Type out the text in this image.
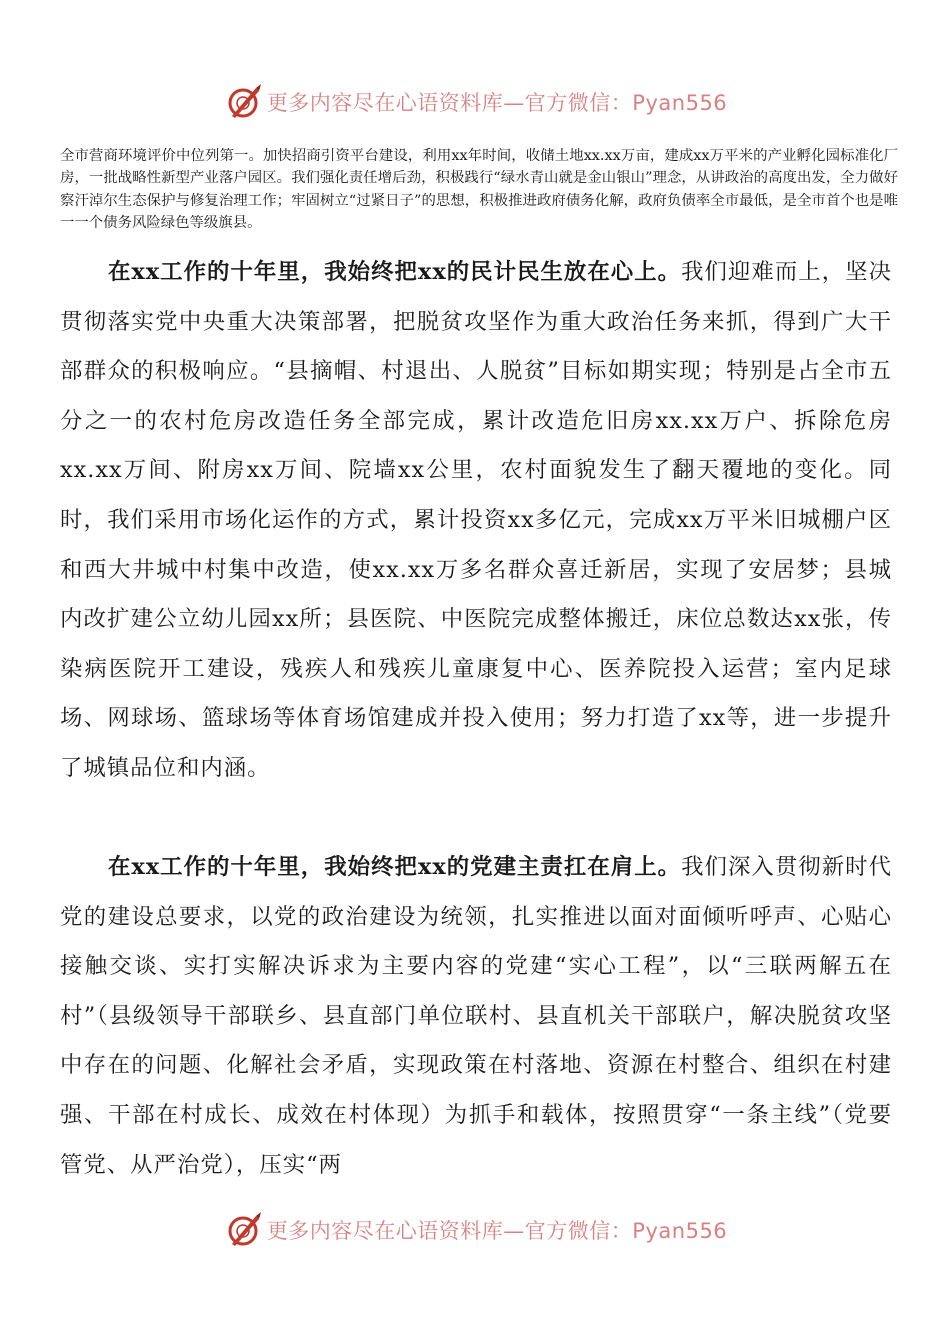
更多内容尽在心语资料库—官方微信：Pyan556

全市营商环境评价中位列第一。加快招商引资平台建设，利用xx年时间，收储土地xx.xx万亩，建成xx万平米的产业孵化园标准化厂房，一批战略性新型产业落户园区。我们强化责任增后劲，积极践行“绿水青山就是金山银山”理念，从讲政治的高度出发，全力做好察汗淖尔生态保护与修复治理工作；牢固树立“过紧日子”的思想，积极推进政府债务化解，政府负债率全市最低，是全市首个也是唯一一个债务风险绿色等级旗县。

在xx工作的十年里，我始终把xx的民计民生放在心上。我们迎难而上，坚决贯彻落实党中央重大决策部署，把脱贫攻坚作为重大政治任务来抓，得到广大干部群众的积极响应。“县摘帽、村退出、人脱贫”目标如期实现；特别是占全市五分之一的农村危房改造任务全部完成，累计改造危旧房xx.xx万户、拆除危房xx.xx万间、附房xx万间、院墙xx公里，农村面貌发生了翻天覆地的变化。同时，我们采用市场化运作的方式，累计投资xx多亿元，完成xx万平米旧城棚户区和西大井城中村集中改造，使xx.xx万多名群众喜迁新居，实现了安居梦；县城内改扩建公立幼儿园xx所；县医院、中医院完成整体搬迁，床位总数达xx张，传染病医院开工建设，残疾人和残疾儿童康复中心、医养院投入运营；室内足球场、网球场、篮球场等体育场馆建成并投入使用；努力打造了xx等，进一步提升了城镇品位和内涵。

在xx工作的十年里，我始终把xx的党建主责扛在肩上。我们深入贯彻新时代党的建设总要求，以党的政治建设为统领，扎实推进以面对面倾听呼声、心贴心接触交谈、实打实解决诉求为主要内容的党建“实心工程”，以“三联两解五在村”（县级领导干部联乡、县直部门单位联村、县直机关干部联户，解决脱贫攻坚中存在的问题、化解社会矛盾，实现政策在村落地、资源在村整合、组织在村建强、干部在村成长、成效在村体现）为抓手和载体，按照贯穿“一条主线”（党要管党、从严治党），压实“两

更多内容尽在心语资料库—官方微信：Pyan556
